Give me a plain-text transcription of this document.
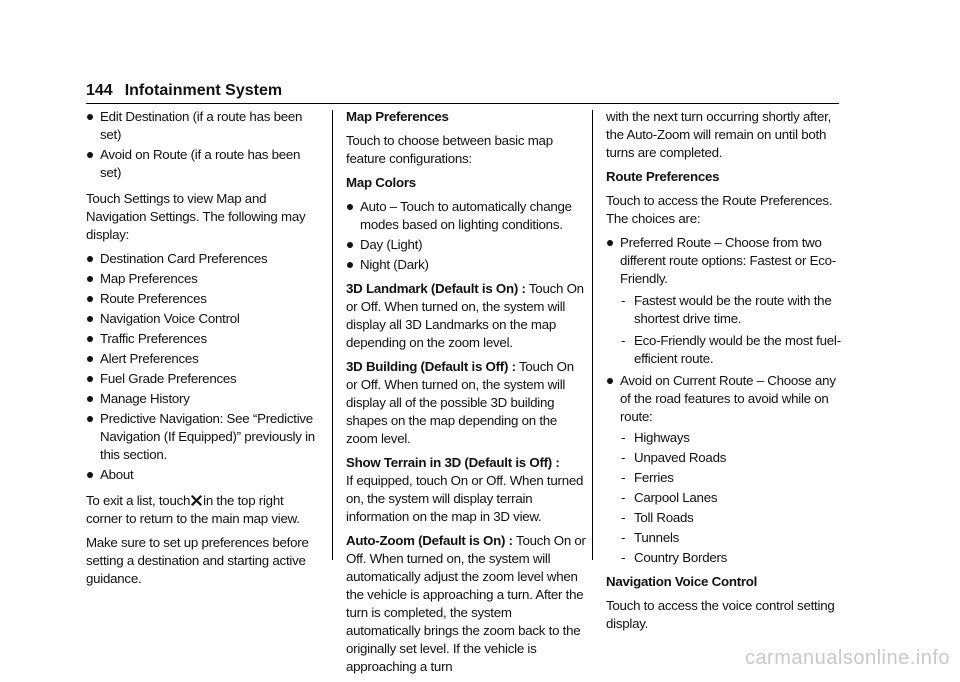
144 Infotainment System
Edit Destination (if a route has been set)
Avoid on Route (if a route has been set)

Touch Settings to view Map and Navigation Settings. The following may display:

Destination Card Preferences
Map Preferences
Route Preferences
Navigation Voice Control
Traffic Preferences
Alert Preferences
Fuel Grade Preferences
Manage History
Predictive Navigation: See “Predictive Navigation (If Equipped)” previously in this section.
About

To exit a list, touch in the top right corner to return to the main map view.

Make sure to set up preferences before setting a destination and starting active guidance.

Map Preferences

Touch to choose between basic map feature configurations:

Map Colors

Auto – Touch to automatically change modes based on lighting conditions.
Day (Light)
Night (Dark)

3D Landmark (Default is On) : Touch On or Off. When turned on, the system will display all 3D Landmarks on the map depending on the zoom level.

3D Building (Default is Off) : Touch On or Off. When turned on, the system will display all of the possible 3D building shapes on the map depending on the zoom level.

Show Terrain in 3D (Default is Off) :
If equipped, touch On or Off. When turned on, the system will display terrain information on the map in 3D view.

Auto-Zoom (Default is On) : Touch On or Off. When turned on, the system will automatically adjust the zoom level when the vehicle is approaching a turn. After the turn is completed, the system automatically brings the zoom back to the originally set level. If the vehicle is approaching a turn

with the next turn occurring shortly after, the Auto-Zoom will remain on until both turns are completed.

Route Preferences

Touch to access the Route Preferences. The choices are:

Preferred Route – Choose from two different route options: Fastest or Eco-Friendly.
- Fastest would be the route with the shortest drive time.
- Eco-Friendly would be the most fuel-efficient route.
Avoid on Current Route – Choose any of the road features to avoid while on route:
- Highways
- Unpaved Roads
- Ferries
- Carpool Lanes
- Toll Roads
- Tunnels
- Country Borders

Navigation Voice Control

Touch to access the voice control setting display.

carmanualsonline.info
